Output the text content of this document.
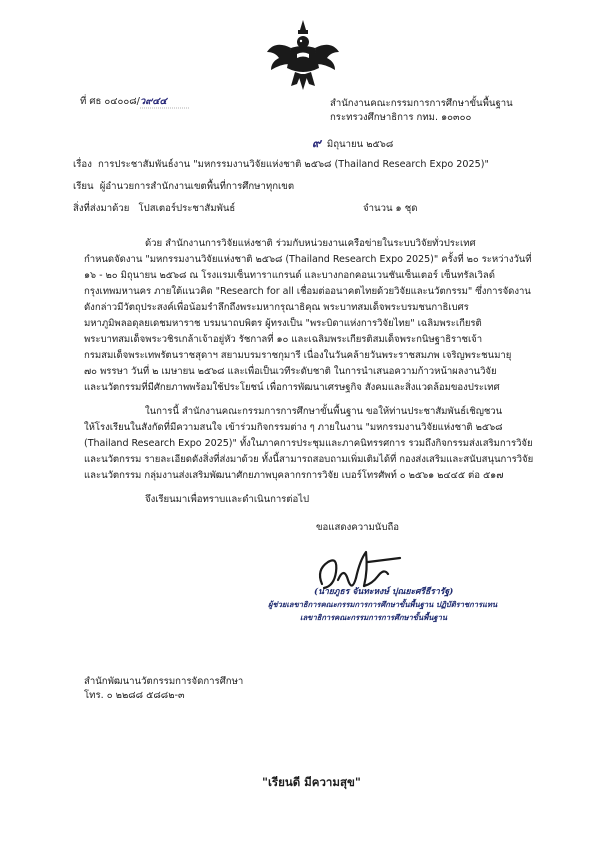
ที่ ศธ ๐๔๐๐๘/ว๙๔๔	สำนักงานคณะกรรมการการศึกษาขั้นพื้นฐาน
กระทรวงศึกษาธิการ กทม. ๑๐๓๐๐
๙ มิถุนายน ๒๕๖๘
เรื่อง การประชาสัมพันธ์งาน "มหกรรมงานวิจัยแห่งชาติ ๒๕๖๘ (Thailand Research Expo 2025)"
เรียน ผู้อำนวยการสำนักงานเขตพื้นที่การศึกษาทุกเขต
สิ่งที่ส่งมาด้วย โปสเตอร์ประชาสัมพันธ์	จำนวน ๑ ชุด
ด้วย สำนักงานการวิจัยแห่งชาติ ร่วมกับหน่วยงานเครือข่ายในระบบวิจัยทั่วประเทศ
กำหนดจัดงาน "มหกรรมงานวิจัยแห่งชาติ ๒๕๖๘ (Thailand Research Expo 2025)" ครั้งที่ ๒๐ ระหว่างวันที่
๑๖ - ๒๐ มิถุนายน ๒๕๖๘ ณ โรงแรมเซ็นทาราแกรนด์ และบางกอกคอนเวนชันเซ็นเตอร์ เซ็นทรัลเวิลด์
กรุงเทพมหานคร ภายใต้แนวคิด "Research for all เชื่อมต่ออนาคตไทยด้วยวิจัยและนวัตกรรม" ซึ่งการจัดงาน
ดังกล่าวมีวัตถุประสงค์เพื่อน้อมรำลึกถึงพระมหากรุณาธิคุณ พระบาทสมเด็จพระบรมชนกาธิเบศร
มหาภูมิพลอดุลยเดชมหาราช บรมนาถบพิตร ผู้ทรงเป็น "พระบิดาแห่งการวิจัยไทย" เฉลิมพระเกียรติ
พระบาทสมเด็จพระวชิรเกล้าเจ้าอยู่หัว รัชกาลที่ ๑๐ และเฉลิมพระเกียรติสมเด็จพระกนิษฐาธิราชเจ้า
กรมสมเด็จพระเทพรัตนราชสุดาฯ สยามบรมราชกุมารี เนื่องในวันคล้ายวันพระราชสมภพ เจริญพระชนมายุ
๗๐ พรรษา วันที่ ๒ เมษายน ๒๕๖๘ และเพื่อเป็นเวทีระดับชาติ ในการนำเสนอความก้าวหน้าผลงานวิจัย
และนวัตกรรมที่มีศักยภาพพร้อมใช้ประโยชน์ เพื่อการพัฒนาเศรษฐกิจ สังคมและสิ่งแวดล้อมของประเทศ
ในการนี้ สำนักงานคณะกรรมการการศึกษาขั้นพื้นฐาน ขอให้ท่านประชาสัมพันธ์เชิญชวน
ให้โรงเรียนในสังกัดที่มีความสนใจ เข้าร่วมกิจกรรมต่าง ๆ ภายในงาน "มหกรรมงานวิจัยแห่งชาติ ๒๕๖๘
(Thailand Research Expo 2025)" ทั้งในภาคการประชุมและภาคนิทรรศการ รวมถึงกิจกรรมส่งเสริมการวิจัย
และนวัตกรรม รายละเอียดดังสิ่งที่ส่งมาด้วย ทั้งนี้สามารถสอบถามเพิ่มเติมได้ที่ กองส่งเสริมและสนับสนุนการวิจัย
และนวัตกรรม กลุ่มงานส่งเสริมพัฒนาศักยภาพบุคลากรการวิจัย เบอร์โทรศัพท์ ๐ ๒๕๖๑ ๒๔๔๕ ต่อ ๕๑๗
จึงเรียนมาเพื่อทราบและดำเนินการต่อไป
ขอแสดงความนับถือ
(นายภูธร จันทะหงษ์ ปุณยะศรีธีรารัฐ)
ผู้ช่วยเลขาธิการคณะกรรมการการศึกษาขั้นพื้นฐาน ปฏิบัติราชการแทน
เลขาธิการคณะกรรมการการศึกษาขั้นพื้นฐาน
สำนักพัฒนานวัตกรรมการจัดการศึกษา
โทร. ๐ ๒๒๘๘ ๕๘๘๒-๓
"เรียนดี มีความสุข"
